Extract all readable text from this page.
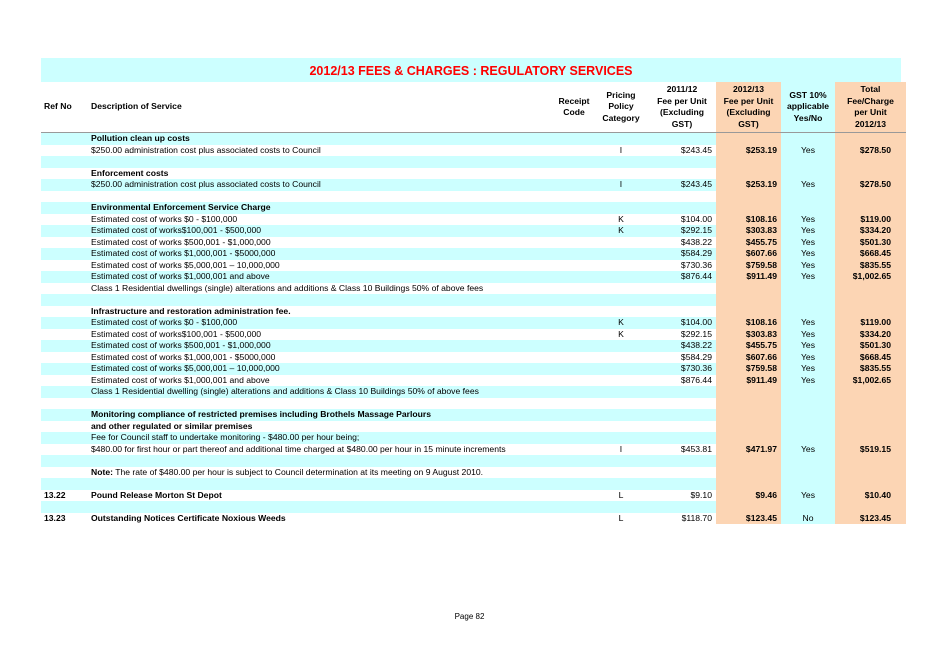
2012/13 FEES & CHARGES : REGULATORY SERVICES
Ref No	Description of Service	Receipt
Code	Pricing
Policy
Category	2011/12
Fee per Unit
(Excluding
GST)	2012/13
Fee per Unit
(Excluding
GST)	GST 10%
applicable
Yes/No	Total
Fee/Charge
per Unit
2012/13
	Pollution clean up costs						
	$250.00 administration cost plus associated costs to Council		I	$243.45	$253.19	Yes	$278.50

	Enforcement costs						
	$250.00 administration cost plus associated costs to Council		I	$243.45	$253.19	Yes	$278.50

	Environmental Enforcement Service Charge						
	Estimated cost of works $0 - $100,000		K	$104.00	$108.16	Yes	$119.00
	Estimated cost of works$100,001 - $500,000		K	$292.15	$303.83	Yes	$334.20
	Estimated cost of works $500,001 - $1,000,000			$438.22	$455.75	Yes	$501.30
	Estimated cost of works $1,000,001 - $5000,000			$584.29	$607.66	Yes	$668.45
	Estimated cost of works $5,000,001 – 10,000,000			$730.36	$759.58	Yes	$835.55
	Estimated cost of works $1,000,001 and above			$876.44	$911.49	Yes	$1,002.65
	Class 1 Residential dwellings (single) alterations and additions & Class 10 Buildings 50% of above fees						

	Infrastructure and restoration administration fee.						
	Estimated cost of works $0 - $100,000		K	$104.00	$108.16	Yes	$119.00
	Estimated cost of works$100,001 - $500,000		K	$292.15	$303.83	Yes	$334.20
	Estimated cost of works $500,001 - $1,000,000			$438.22	$455.75	Yes	$501.30
	Estimated cost of works $1,000,001 - $5000,000			$584.29	$607.66	Yes	$668.45
	Estimated cost of works $5,000,001 – 10,000,000			$730.36	$759.58	Yes	$835.55
	Estimated cost of works $1,000,001 and above			$876.44	$911.49	Yes	$1,002.65
	Class 1 Residential dwelling (single) alterations and additions & Class 10 Buildings 50% of above fees						

	Monitoring compliance of restricted premises including Brothels Massage Parlours						
	and other regulated or similar premises						
	Fee for Council staff to undertake monitoring - $480.00 per hour being;						
	$480.00 for first hour or part thereof and additional time charged at $480.00 per hour in 15 minute increments		I	$453.81	$471.97	Yes	$519.15

	Note: The rate of $480.00 per hour is subject to Council determination at its meeting on 9 August 2010.						

13.22	Pound Release Morton St Depot		L	$9.10	$9.46	Yes	$10.40

13.23	Outstanding Notices Certificate Noxious Weeds		L	$118.70	$123.45	No	$123.45
Page 82
